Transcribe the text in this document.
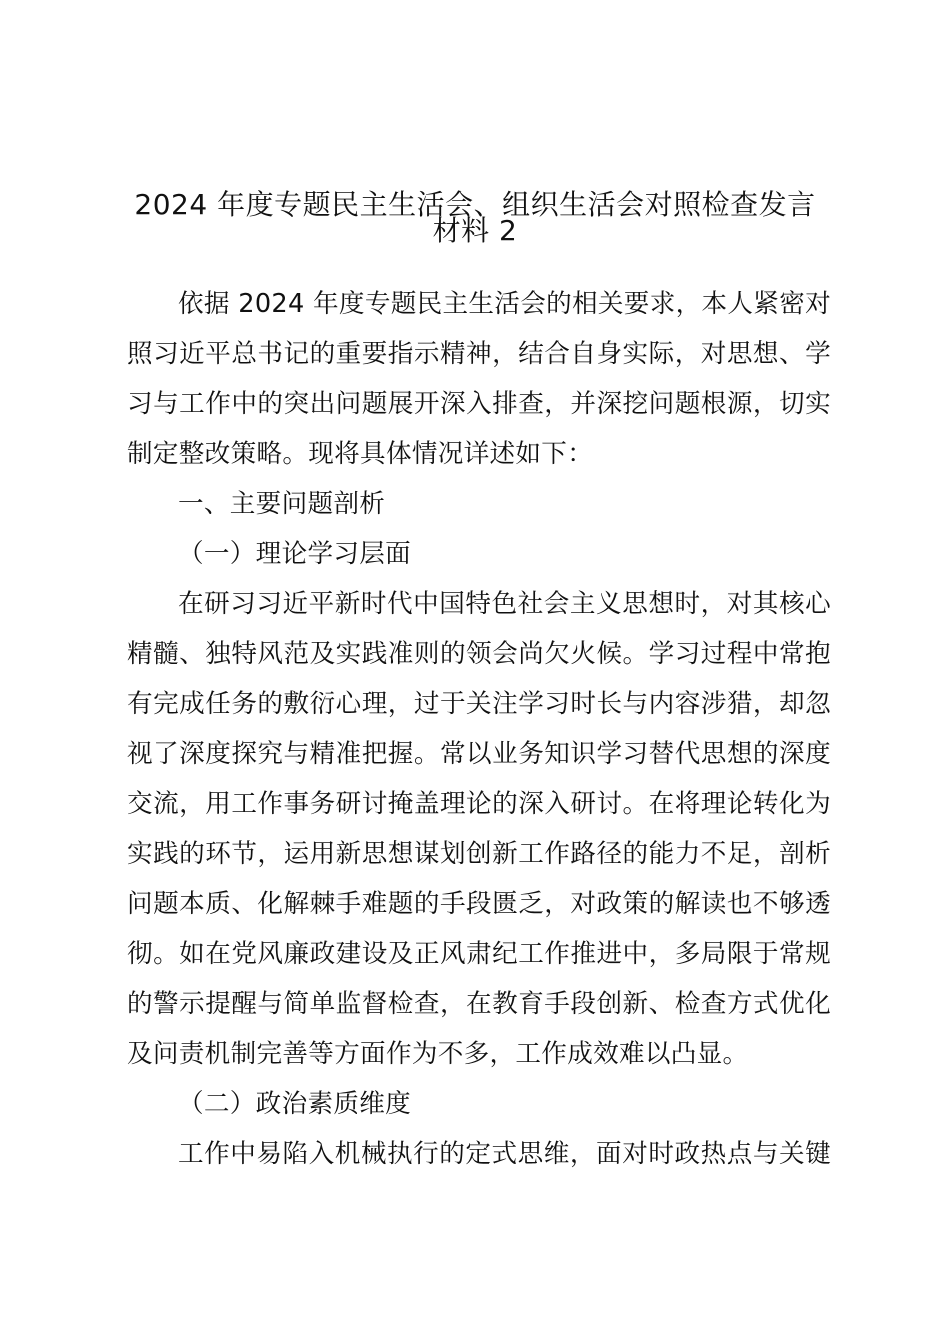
2024 年度专题民主生活会、组织生活会对照检查发言
材料 2
依据 2024 年度专题民主生活会的相关要求，本人紧密对
照习近平总书记的重要指示精神，结合自身实际，对思想、学
习与工作中的突出问题展开深入排查，并深挖问题根源，切实
制定整改策略。现将具体情况详述如下：
一、主要问题剖析
（一）理论学习层面
在研习习近平新时代中国特色社会主义思想时，对其核心
精髓、独特风范及实践准则的领会尚欠火候。学习过程中常抱
有完成任务的敷衍心理，过于关注学习时长与内容涉猎，却忽
视了深度探究与精准把握。常以业务知识学习替代思想的深度
交流，用工作事务研讨掩盖理论的深入研讨。在将理论转化为
实践的环节，运用新思想谋划创新工作路径的能力不足，剖析
问题本质、化解棘手难题的手段匮乏，对政策的解读也不够透
彻。如在党风廉政建设及正风肃纪工作推进中，多局限于常规
的警示提醒与简单监督检查，在教育手段创新、检查方式优化
及问责机制完善等方面作为不多，工作成效难以凸显。
（二）政治素质维度
工作中易陷入机械执行的定式思维，面对时政热点与关键
